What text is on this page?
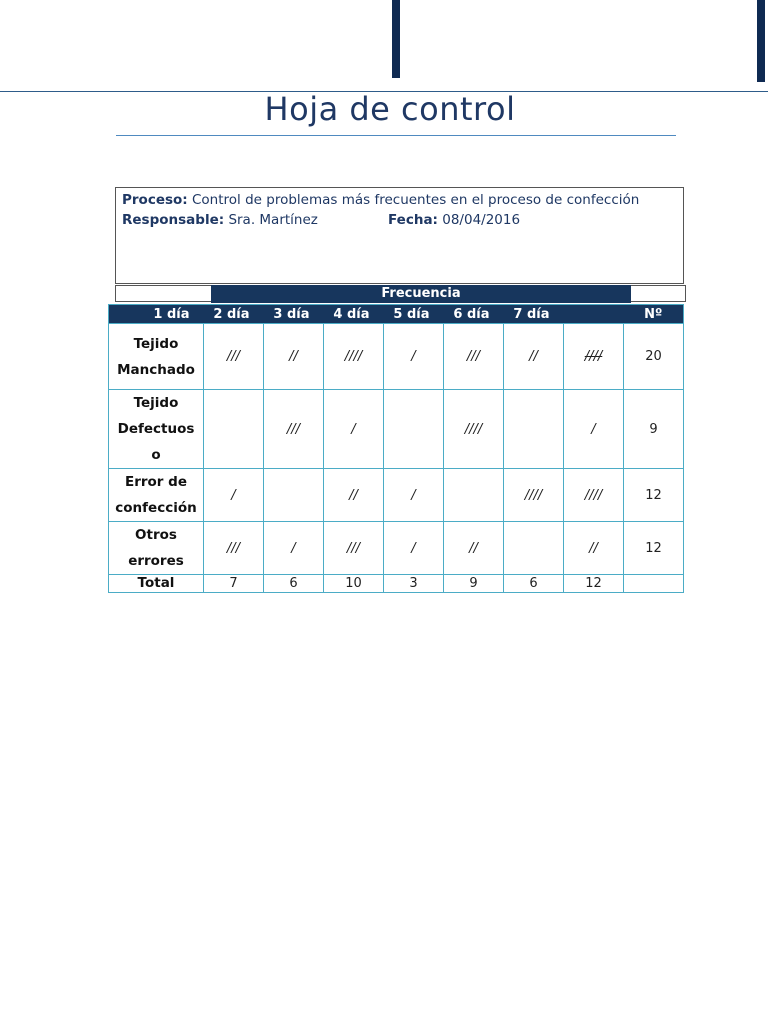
Hoja de control
Proceso: Control de problemas más frecuentes en el proceso de confección
Responsable: Sra. Martínez	Fecha: 08/04/2016
Frecuencia
1 día	2 día	3 día	4 día	5 día	6 día	7 día		Nº

Tejido
Manchado	///	//	////	/	///	//	////	20

Tejido
Defectuos
o		///	/		////		/	9

Error de
confección	/		//	/		////	////	12

Otros
errores	///	/	///	/	//		//	12
Total	7	6	10	3	9	6	12	
